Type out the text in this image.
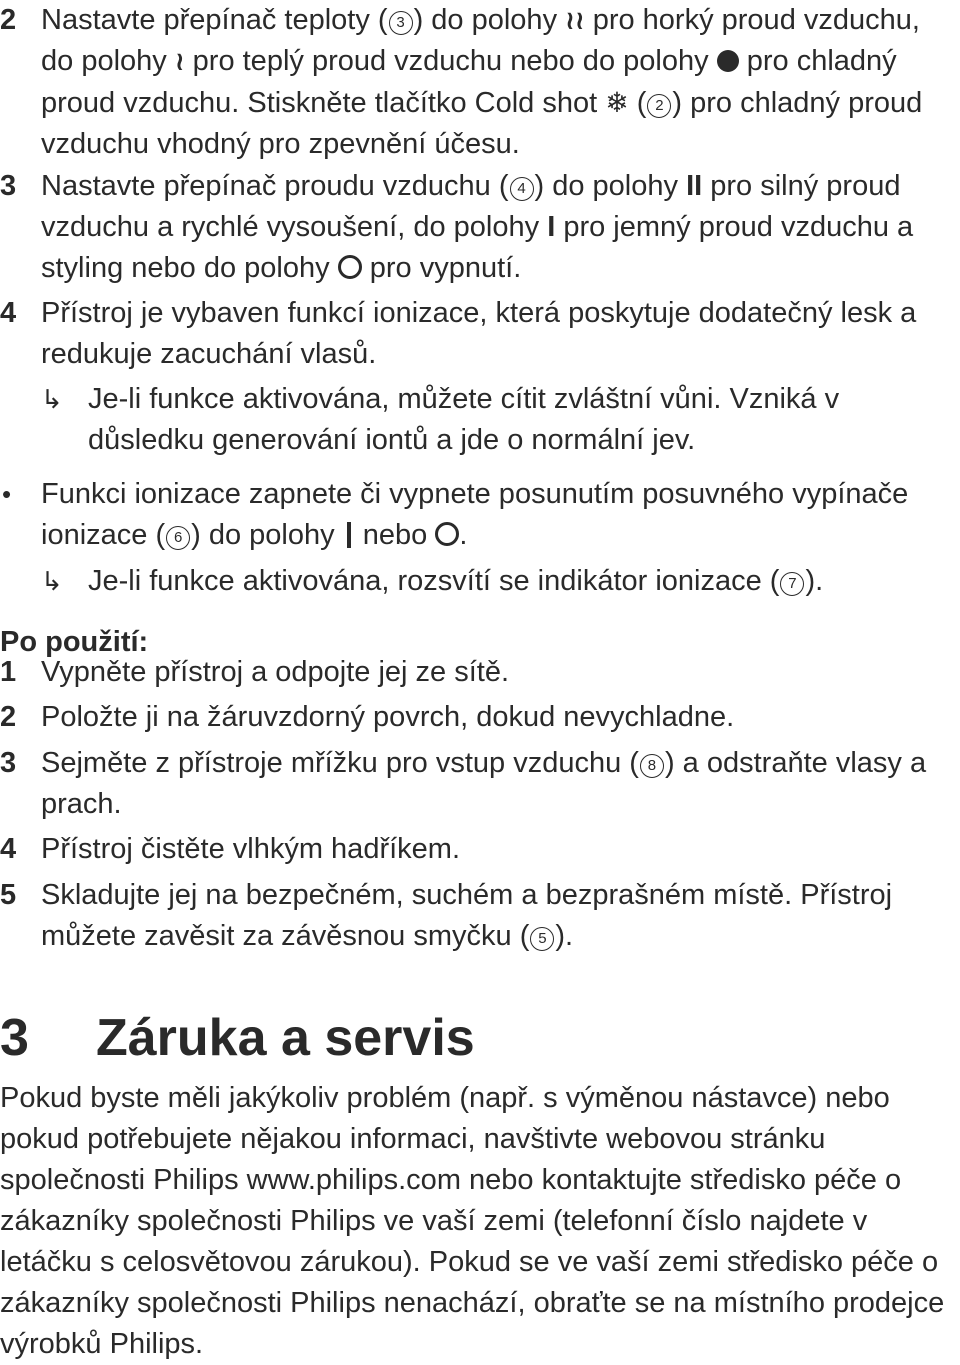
2 Nastavte přepínač teploty ( 3 ) do polohy ≀≀ pro horký proud vzduchu, do polohy ≀ pro teplý proud vzduchu nebo do polohy pro chladný proud vzduchu. Stiskněte tlačítko Cold shot ❄ ( 2 ) pro chladný proud vzduchu vhodný pro zpevnění účesu.
3 Nastavte přepínač proudu vzduchu ( 4 ) do polohy II pro silný proud vzduchu a rychlé vysoušení, do polohy I pro jemný proud vzduchu a styling nebo do polohy pro vypnutí.
4 Přístroj je vybaven funkcí ionizace, která poskytuje dodatečný lesk a redukuje zacuchání vlasů.
↳ Je-li funkce aktivována, můžete cítit zvláštní vůni. Vzniká v důsledku generování iontů a jde o normální jev.
• Funkci ionizace zapnete či vypnete posunutím posuvného vypínače ionizace ( 6 ) do polohy nebo .
↳ Je-li funkce aktivována, rozsvítí se indikátor ionizace ( 7 ).
Po použití:
1 Vypněte přístroj a odpojte jej ze sítě.
2 Položte ji na žáruvzdorný povrch, dokud nevychladne.
3 Sejměte z přístroje mřížku pro vstup vzduchu ( 8 ) a odstraňte vlasy a prach.
4 Přístroj čistěte vlhkým hadříkem.
5 Skladujte jej na bezpečném, suchém a bezprašném místě. Přístroj můžete zavěsit za závěsnou smyčku ( 5 ).
3 Záruka a servis
Pokud byste měli jakýkoliv problém (např. s výměnou nástavce) nebo pokud potřebujete nějakou informaci, navštivte webovou stránku společnosti Philips www.philips.com nebo kontaktujte středisko péče o zákazníky společnosti Philips ve vaší zemi (telefonní číslo najdete v letáčku s celosvětovou zárukou). Pokud se ve vaší zemi středisko péče o zákazníky společnosti Philips nenachází, obraťte se na místního prodejce výrobků Philips.
